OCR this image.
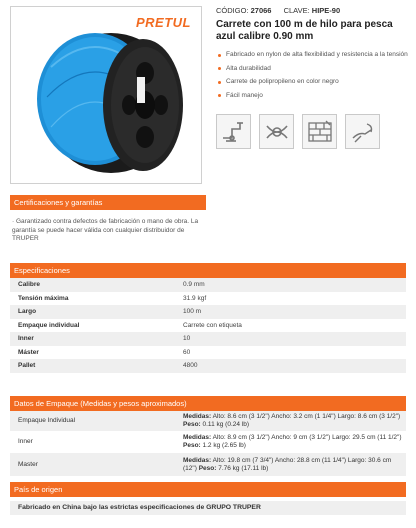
PRETUL
CÓDIGO: 27066 CLAVE: HIPE-90
Carrete con 100 m de hilo para pesca azul calibre 0.90 mm
Fabricado en nylon de alta flexibilidad y resistencia a la tensión
Alta durabilidad
Carrete de polipropileno en color negro
Fácil manejo
Certificaciones y garantías
· Garantizado contra defectos de fabricación o mano de obra. La garantía se puede hacer válida con cualquier distribuidor de TRUPER
Especificaciones
Calibre	0.9 mm
Tensión máxima	31.9 kgf
Largo	100 m
Empaque individual	Carrete con etiqueta
Inner	10
Máster	60
Pallet	4800
Datos de Empaque (Medidas y pesos aproximados)
Empaque Individual	Medidas: Alto: 8.6 cm (3 1/2") Ancho: 3.2 cm (1 1/4") Largo: 8.6 cm (3 1/2") Peso: 0.11 kg (0.24 lb)
Inner	Medidas: Alto: 8.9 cm (3 1/2") Ancho: 9 cm (3 1/2") Largo: 29.5 cm (11 1/2") Peso: 1.2 kg (2.65 lb)
Master	Medidas: Alto: 19.8 cm (7 3/4") Ancho: 28.8 cm (11 1/4") Largo: 30.6 cm (12") Peso: 7.76 kg (17.11 lb)
País de origen
Fabricado en China bajo las estrictas especificaciones de GRUPO TRUPER
